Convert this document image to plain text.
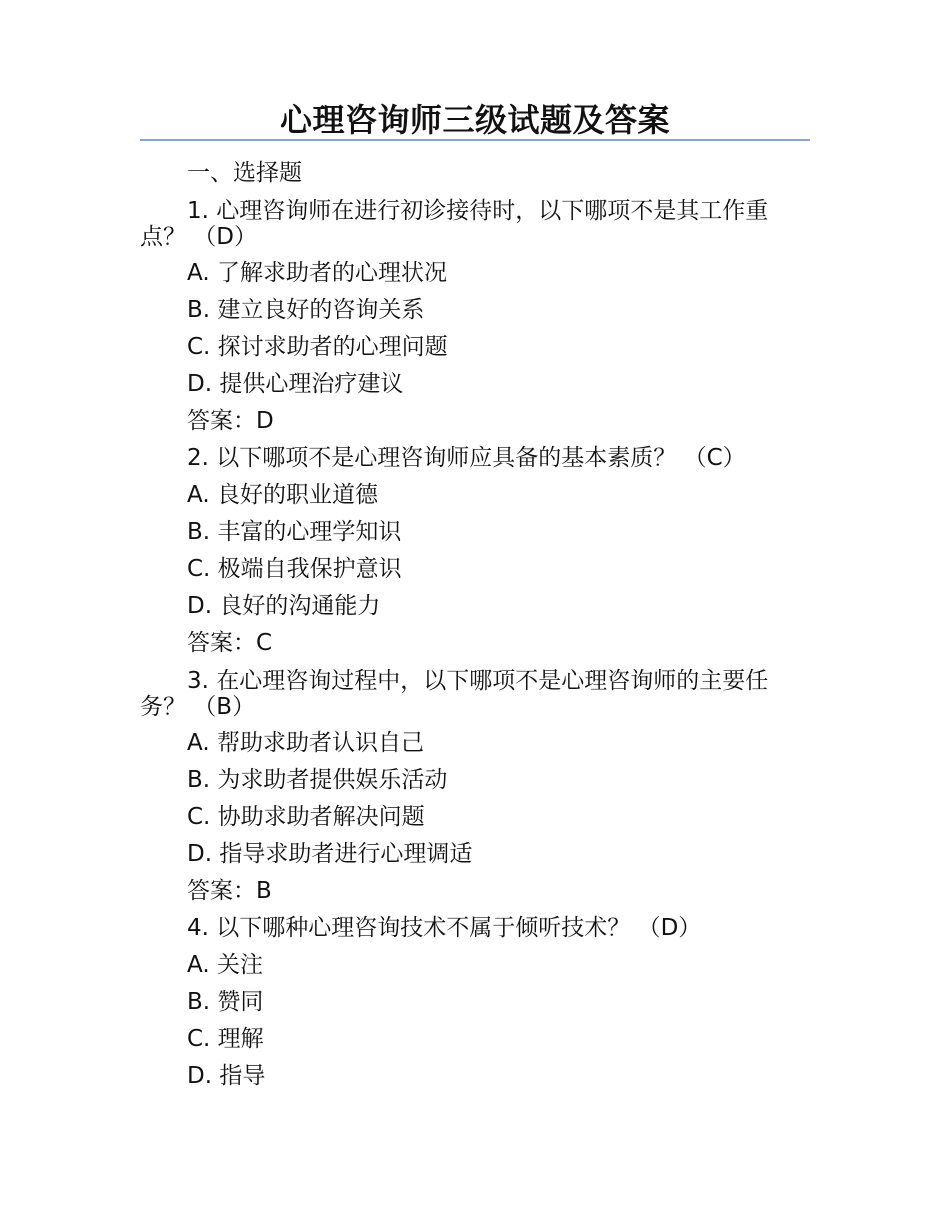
心理咨询师三级试题及答案
一、选择题
1. 心理咨询师在进行初诊接待时，以下哪项不是其工作重点？ （D）
A. 了解求助者的心理状况
B. 建立良好的咨询关系
C. 探讨求助者的心理问题
D. 提供心理治疗建议
答案：D
2. 以下哪项不是心理咨询师应具备的基本素质？ （C）
A. 良好的职业道德
B. 丰富的心理学知识
C. 极端自我保护意识
D. 良好的沟通能力
答案：C
3. 在心理咨询过程中，以下哪项不是心理咨询师的主要任务？ （B）
A. 帮助求助者认识自己
B. 为求助者提供娱乐活动
C. 协助求助者解决问题
D. 指导求助者进行心理调适
答案：B
4. 以下哪种心理咨询技术不属于倾听技术？ （D）
A. 关注
B. 赞同
C. 理解
D. 指导
